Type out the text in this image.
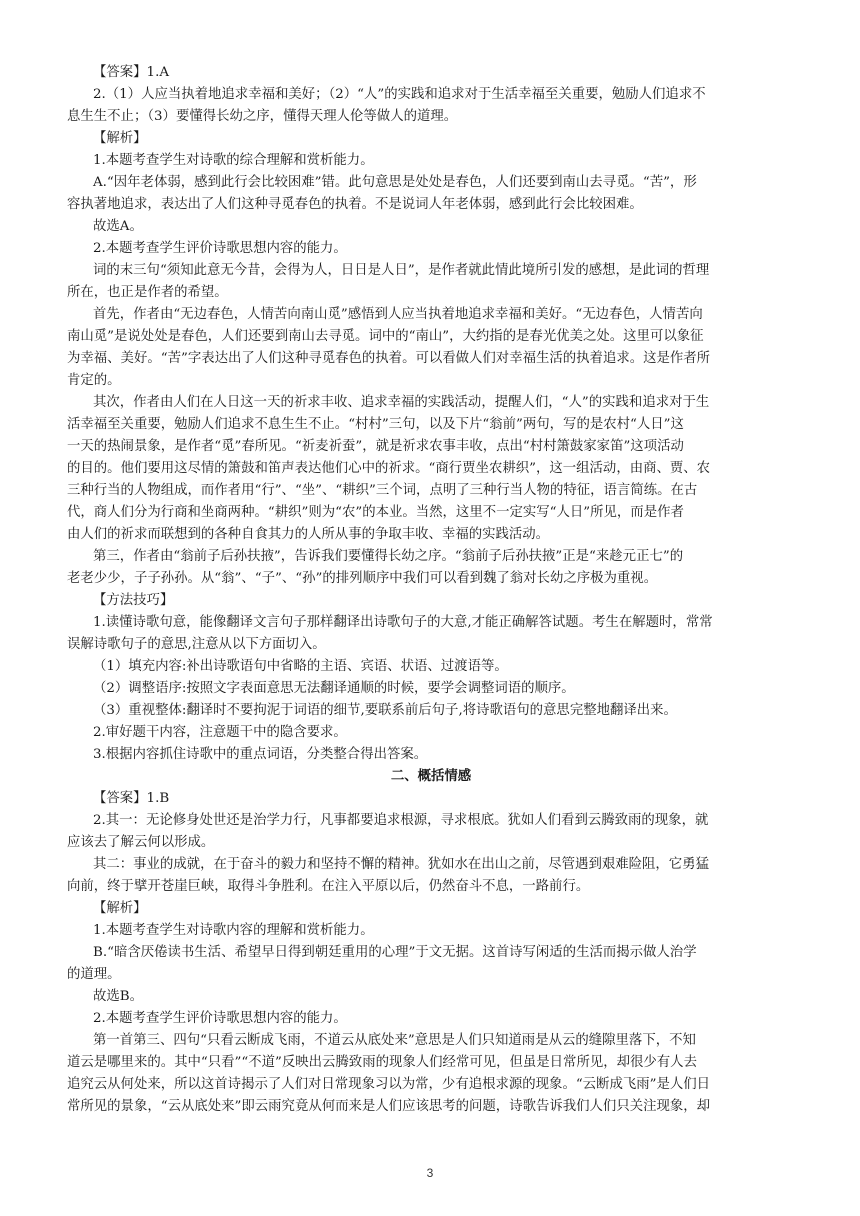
【答案】1.A
2.（1）人应当执着地追求幸福和美好；（2）“人”的实践和追求对于生活幸福至关重要，勉励人们追求不
息生生不止；（3）要懂得长幼之序，懂得天理人伦等做人的道理。
【解析】
1.本题考查学生对诗歌的综合理解和赏析能力。
A.“因年老体弱，感到此行会比较困难”错。此句意思是处处是春色，人们还要到南山去寻觅。“苦”，形
容执著地追求，表达出了人们这种寻觅春色的执着。不是说词人年老体弱，感到此行会比较困难。
故选A。
2.本题考查学生评价诗歌思想内容的能力。
词的末三句“须知此意无今昔，会得为人，日日是人日”，是作者就此情此境所引发的感想，是此词的哲理
所在，也正是作者的希望。
首先，作者由“无边春色，人情苦向南山觅”感悟到人应当执着地追求幸福和美好。“无边春色，人情苦向
南山觅”是说处处是春色，人们还要到南山去寻觅。词中的“南山”，大约指的是春光优美之处。这里可以象征
为幸福、美好。“苦”字表达出了人们这种寻觅春色的执着。可以看做人们对幸福生活的执着追求。这是作者所
肯定的。
其次，作者由人们在人日这一天的祈求丰收、追求幸福的实践活动，提醒人们，“人”的实践和追求对于生
活幸福至关重要，勉励人们追求不息生生不止。“村村”三句，以及下片“翁前”两句，写的是农村“人日”这
一天的热闹景象，是作者“觅”春所见。“祈麦祈蚕”，就是祈求农事丰收，点出“村村箫鼓家家笛”这项活动
的目的。他们要用这尽情的箫鼓和笛声表达他们心中的祈求。“商行贾坐农耕织”，这一组活动，由商、贾、农
三种行当的人物组成，而作者用“行”、“坐”、“耕织”三个词，点明了三种行当人物的特征，语言简练。在古
代，商人们分为行商和坐商两种。“耕织”则为“农”的本业。当然，这里不一定实写“人日”所见，而是作者
由人们的祈求而联想到的各种自食其力的人所从事的争取丰收、幸福的实践活动。
第三，作者由“翁前子后孙扶掖”，告诉我们要懂得长幼之序。“翁前子后孙扶掖”正是“来趁元正七”的
老老少少，子子孙孙。从“翁”、“子”、“孙”的排列顺序中我们可以看到魏了翁对长幼之序极为重视。
【方法技巧】
1.读懂诗歌句意，能像翻译文言句子那样翻译出诗歌句子的大意,才能正确解答试题。考生在解题时，常常
误解诗歌句子的意思,注意从以下方面切入。
（1）填充内容:补出诗歌语句中省略的主语、宾语、状语、过渡语等。
（2）调整语序:按照文字表面意思无法翻译通顺的时候，要学会调整词语的顺序。
（3）重视整体:翻译时不要拘泥于词语的细节,要联系前后句子,将诗歌语句的意思完整地翻译出来。
2.审好题干内容，注意题干中的隐含要求。
3.根据内容抓住诗歌中的重点词语，分类整合得出答案。
二、概括情感
【答案】1.B
2.其一：无论修身处世还是治学力行，凡事都要追求根源，寻求根底。犹如人们看到云腾致雨的现象，就
应该去了解云何以形成。
其二：事业的成就，在于奋斗的毅力和坚持不懈的精神。犹如水在出山之前，尽管遇到艰难险阻，它勇猛
向前，终于擘开苍崖巨峡，取得斗争胜利。在注入平原以后，仍然奋斗不息，一路前行。
【解析】
1.本题考查学生对诗歌内容的理解和赏析能力。
B.“暗含厌倦读书生活、希望早日得到朝廷重用的心理”于文无据。这首诗写闲适的生活而揭示做人治学
的道理。
故选B。
2.本题考查学生评价诗歌思想内容的能力。
第一首第三、四句“只看云断成飞雨，不道云从底处来”意思是人们只知道雨是从云的缝隙里落下，不知
道云是哪里来的。其中“只看”“不道”反映出云腾致雨的现象人们经常可见，但虽是日常所见，却很少有人去
追究云从何处来，所以这首诗揭示了人们对日常现象习以为常，少有追根求源的现象。“云断成飞雨”是人们日
常所见的景象，“云从底处来”即云雨究竟从何而来是人们应该思考的问题，诗歌告诉我们人们只关注现象，却
3
